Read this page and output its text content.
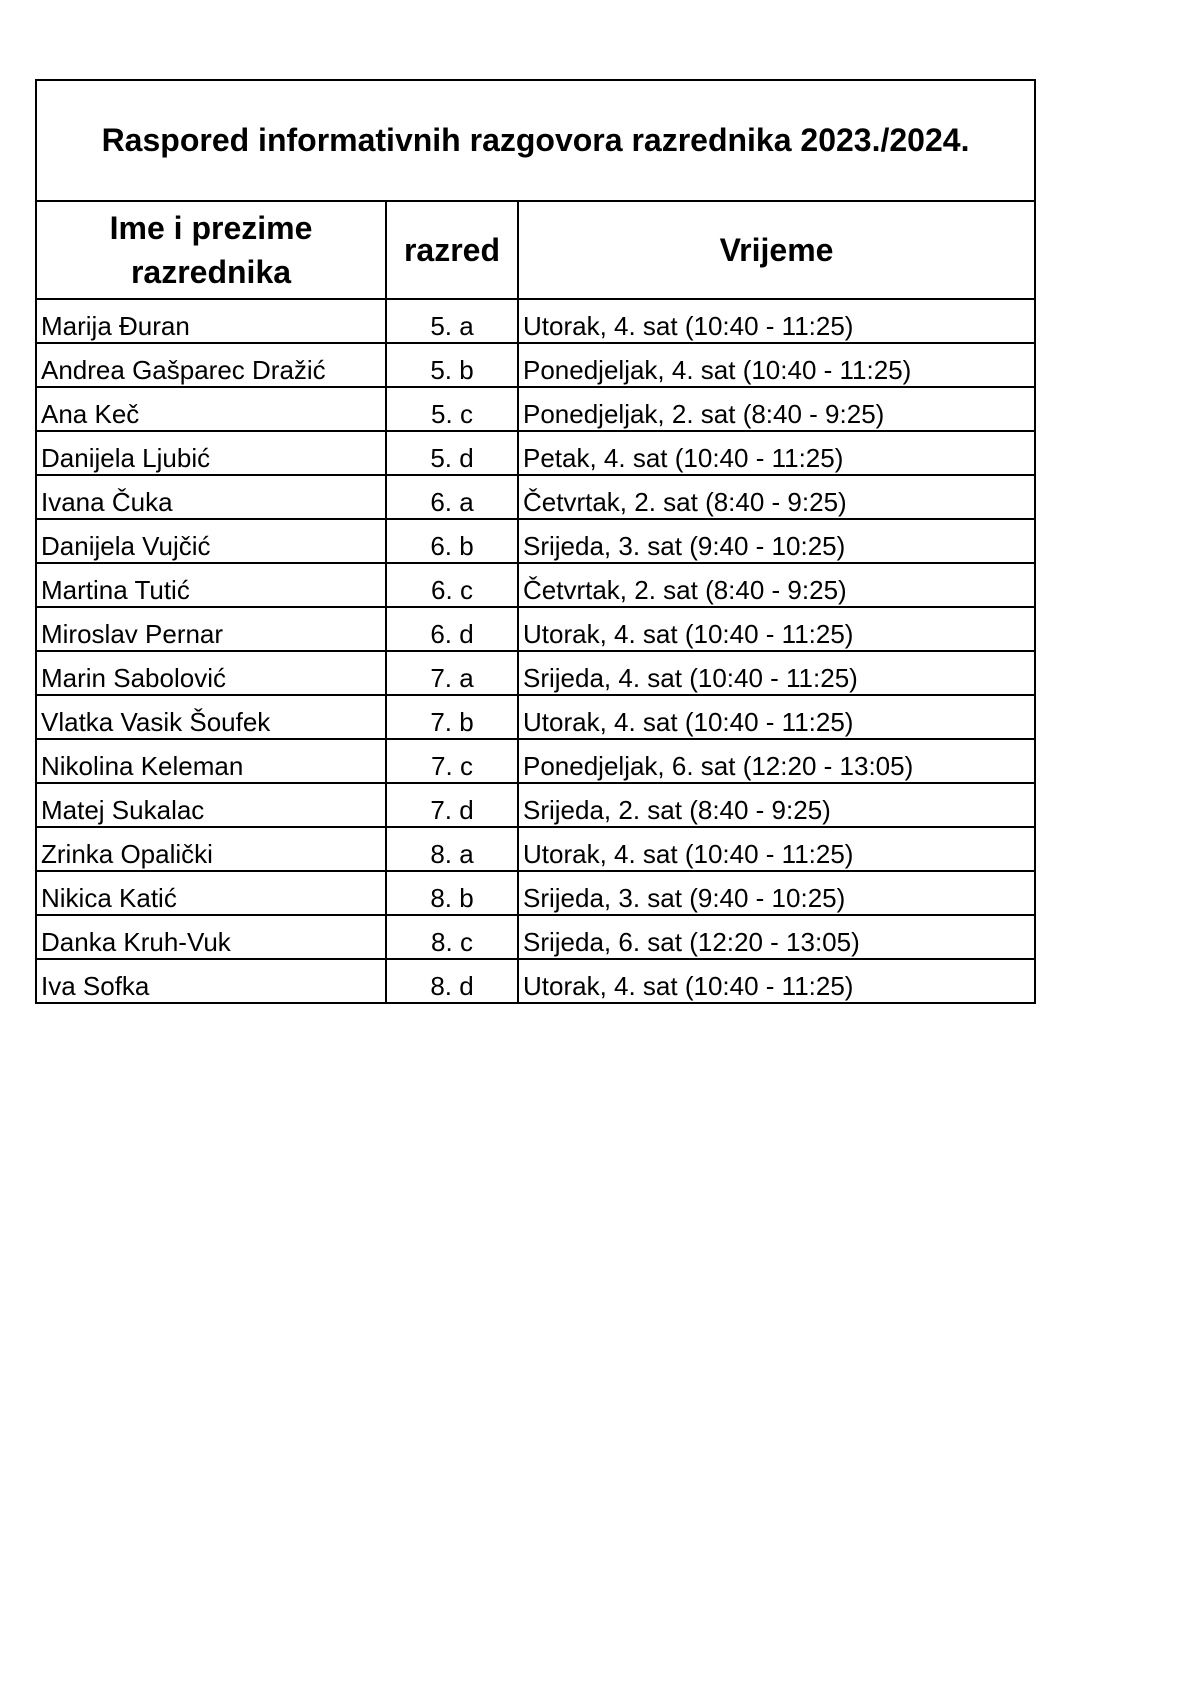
Raspored informativnih razgovora razrednika 2023./2024.		
Ime i prezime razrednika	razred	Vrijeme
Marija Đuran	5. a	Utorak, 4. sat (10:40 - 11:25)
Andrea Gašparec Dražić	5. b	Ponedjeljak, 4. sat (10:40 - 11:25)
Ana Keč	5. c	Ponedjeljak, 2. sat (8:40 - 9:25)
Danijela Ljubić	5. d	Petak, 4. sat (10:40 - 11:25)
Ivana Čuka	6. a	Četvrtak, 2. sat (8:40 - 9:25)
Danijela Vujčić	6. b	Srijeda, 3. sat (9:40 - 10:25)
Martina Tutić	6. c	Četvrtak, 2. sat (8:40 - 9:25)
Miroslav Pernar	6. d	Utorak, 4. sat (10:40 - 11:25)
Marin Sabolović	7. a	Srijeda, 4. sat (10:40 - 11:25)
Vlatka Vasik Šoufek	7. b	Utorak, 4. sat (10:40 - 11:25)
Nikolina Keleman	7. c	Ponedjeljak, 6. sat (12:20 - 13:05)
Matej Sukalac	7. d	Srijeda, 2. sat (8:40 - 9:25)
Zrinka Opalički	8. a	Utorak, 4. sat (10:40 - 11:25)
Nikica Katić	8. b	Srijeda, 3. sat (9:40 - 10:25)
Danka Kruh-Vuk	8. c	Srijeda, 6. sat (12:20 - 13:05)
Iva Sofka	8. d	Utorak, 4. sat (10:40 - 11:25)
